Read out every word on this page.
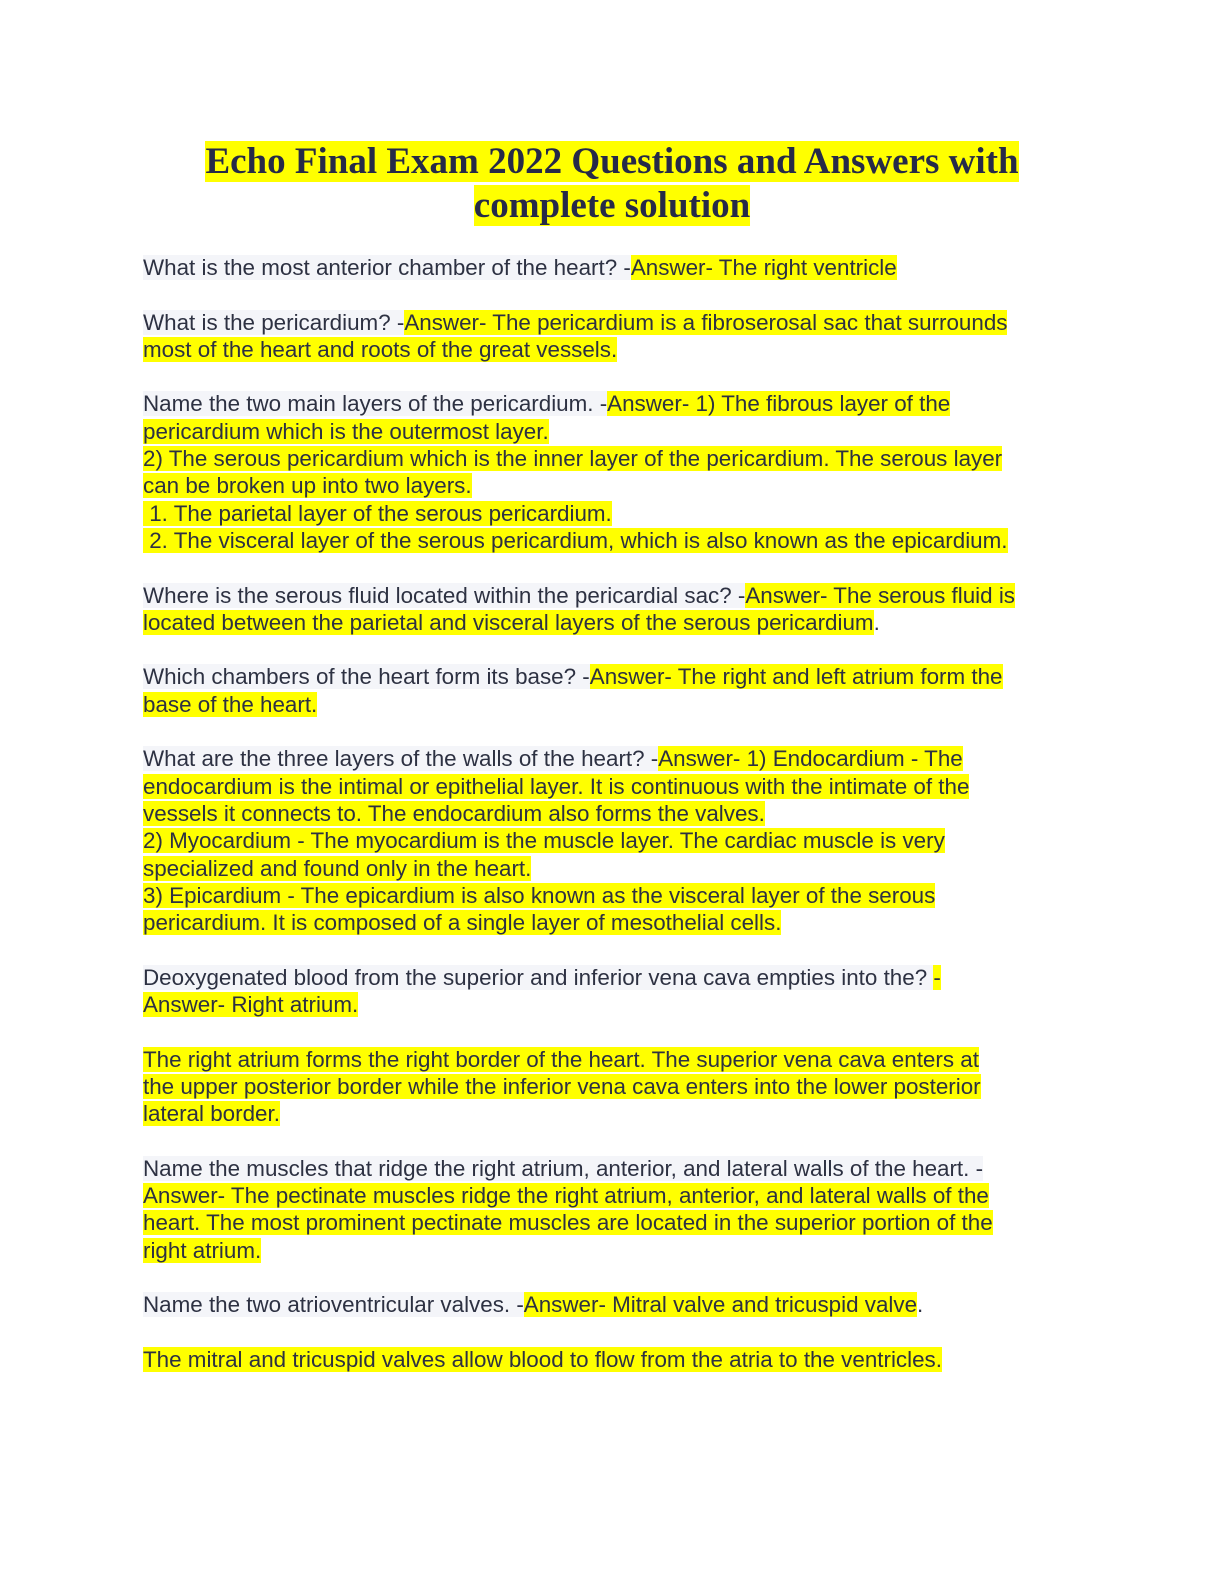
Echo Final Exam 2022 Questions and Answers with
complete solution
What is the most anterior chamber of the heart? -Answer- The right ventricle
What is the pericardium? -Answer- The pericardium is a fibroserosal sac that surrounds
most of the heart and roots of the great vessels.
Name the two main layers of the pericardium. -Answer- 1) The fibrous layer of the
pericardium which is the outermost layer.
2) The serous pericardium which is the inner layer of the pericardium. The serous layer
can be broken up into two layers.
1. The parietal layer of the serous pericardium.
2. The visceral layer of the serous pericardium, which is also known as the epicardium.
Where is the serous fluid located within the pericardial sac? -Answer- The serous fluid is
located between the parietal and visceral layers of the serous pericardium.
Which chambers of the heart form its base? -Answer- The right and left atrium form the
base of the heart.
What are the three layers of the walls of the heart? -Answer- 1) Endocardium - The
endocardium is the intimal or epithelial layer. It is continuous with the intimate of the
vessels it connects to. The endocardium also forms the valves.
2) Myocardium - The myocardium is the muscle layer. The cardiac muscle is very
specialized and found only in the heart.
3) Epicardium - The epicardium is also known as the visceral layer of the serous
pericardium. It is composed of a single layer of mesothelial cells.
Deoxygenated blood from the superior and inferior vena cava empties into the? -
Answer- Right atrium.
The right atrium forms the right border of the heart. The superior vena cava enters at
the upper posterior border while the inferior vena cava enters into the lower posterior
lateral border.
Name the muscles that ridge the right atrium, anterior, and lateral walls of the heart. -
Answer- The pectinate muscles ridge the right atrium, anterior, and lateral walls of the
heart. The most prominent pectinate muscles are located in the superior portion of the
right atrium.
Name the two atrioventricular valves. -Answer- Mitral valve and tricuspid valve.
The mitral and tricuspid valves allow blood to flow from the atria to the ventricles.
